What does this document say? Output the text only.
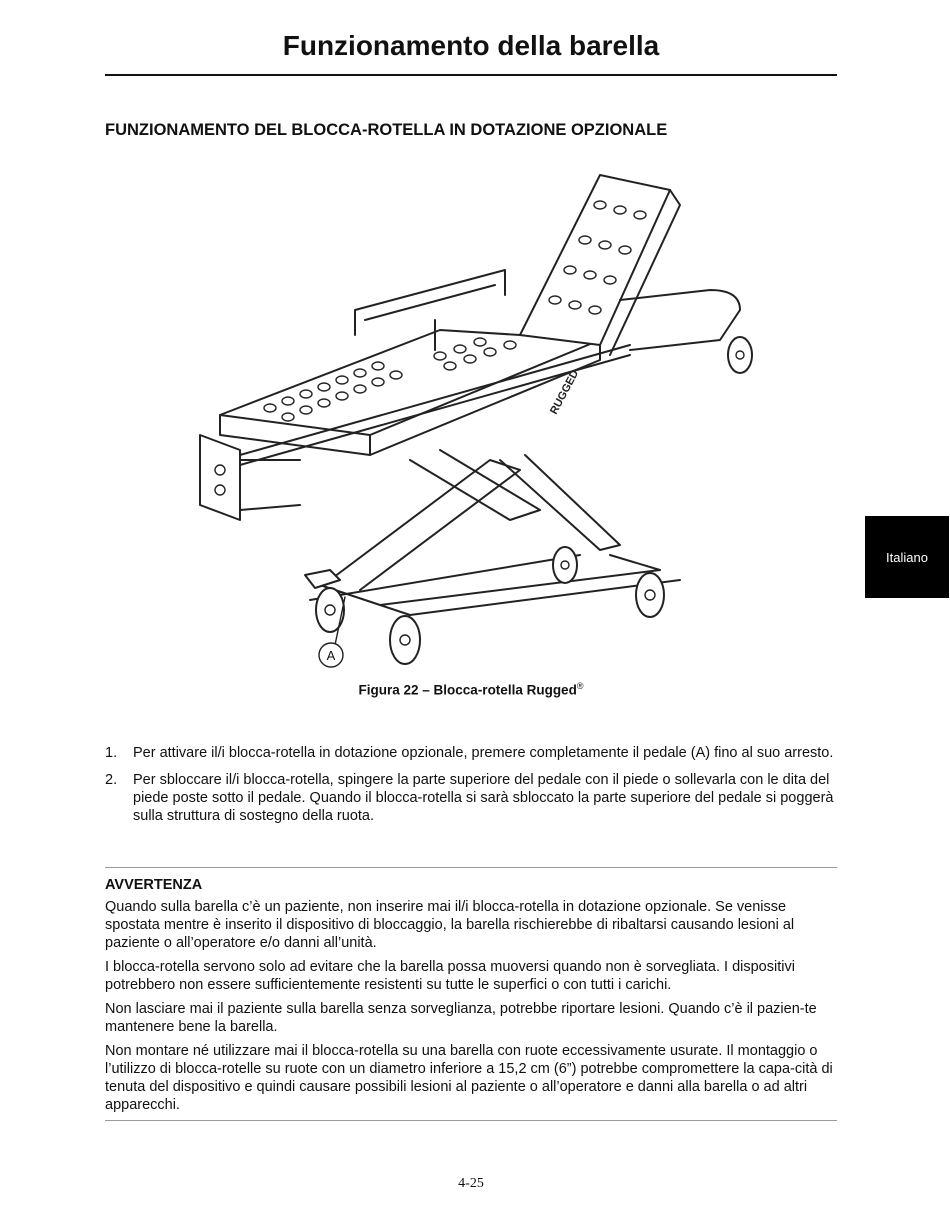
Funzionamento della barella
FUNZIONAMENTO DEL BLOCCA-ROTELLA IN DOTAZIONE OPZIONALE
RUGGED
A
Figura 22 – Blocca-rotella Rugged®
1. Per attivare il/i blocca-rotella in dotazione opzionale, premere completamente il pedale (A) fino al suo arresto.
2. Per sbloccare il/i blocca-rotella, spingere la parte superiore del pedale con il piede o sollevarla con le dita del piede poste sotto il pedale. Quando il blocca-rotella si sarà sbloccato la parte superiore del pedale si poggerà sulla struttura di sostegno della ruota.
AVVERTENZA

Quando sulla barella c’è un paziente, non inserire mai il/i blocca-rotella in dotazione opzionale. Se venisse spostata mentre è inserito il dispositivo di bloccaggio, la barella rischierebbe di ribaltarsi causando lesioni al paziente o all’operatore e/o danni all’unità.

I blocca-rotella servono solo ad evitare che la barella possa muoversi quando non è sorvegliata. I dispositivi potrebbero non essere sufficientemente resistenti su tutte le superfici o con tutti i carichi.

Non lasciare mai il paziente sulla barella senza sorveglianza, potrebbe riportare lesioni. Quando c’è il pazien-te mantenere bene la barella.

Non montare né utilizzare mai il blocca-rotella su una barella con ruote eccessivamente usurate. Il montaggio o l’utilizzo di blocca-rotelle su ruote con un diametro inferiore a 15,2 cm (6”) potrebbe compromettere la capa-cità di tenuta del dispositivo e quindi causare possibili lesioni al paziente o all’operatore e danni alla barella o ad altri apparecchi.

Italiano
4-25
